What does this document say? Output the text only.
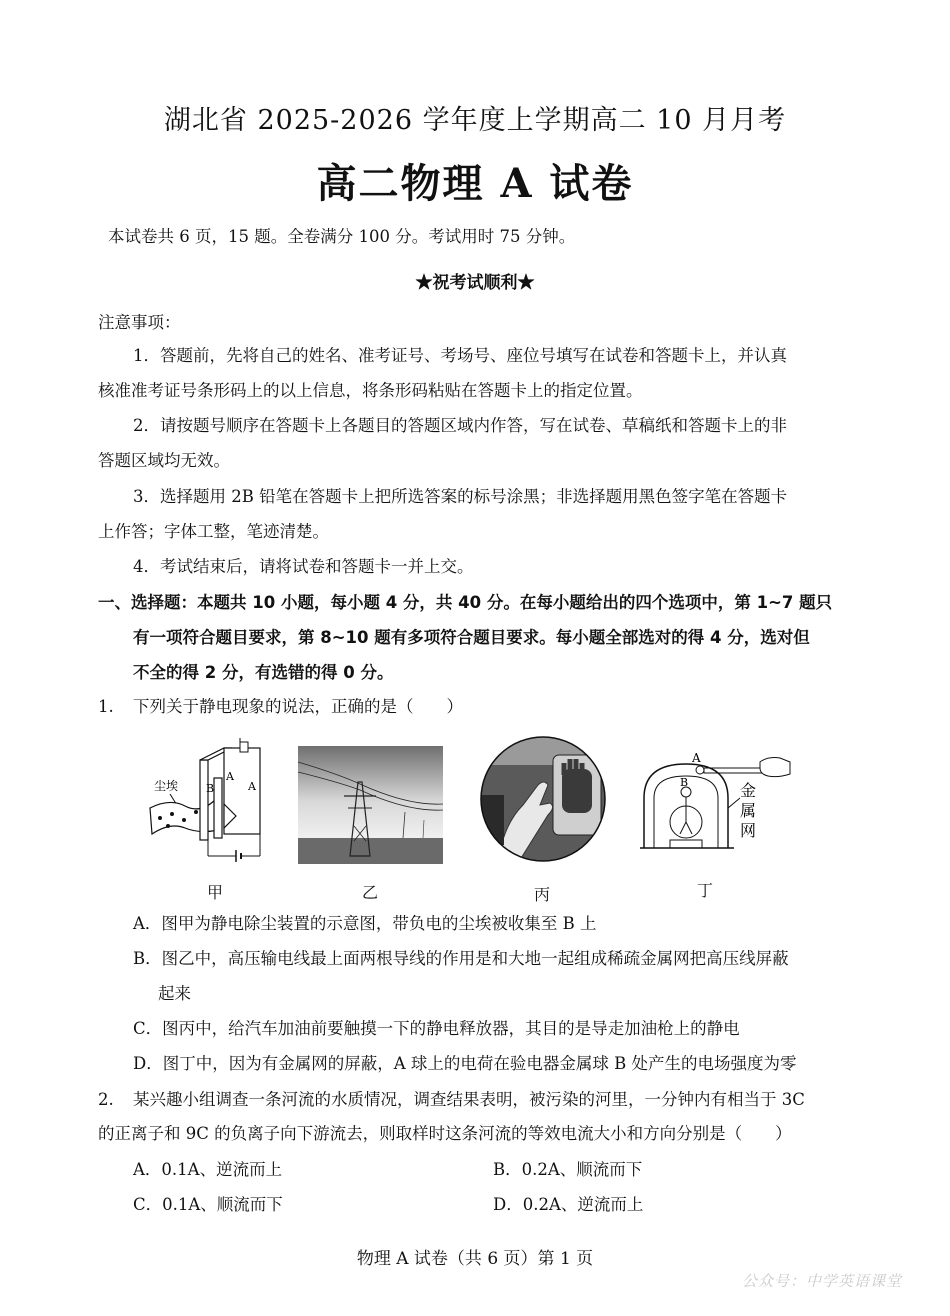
湖北省 2025-2026 学年度上学期高二 10 月月考
高二物理 A 试卷
本试卷共 6 页，15 题。全卷满分 100 分。考试用时 75 分钟。
★祝考试顺利★
注意事项：
1．答题前，先将自己的姓名、准考证号、考场号、座位号填写在试卷和答题卡上，并认真
核准准考证号条形码上的以上信息，将条形码粘贴在答题卡上的指定位置。
2．请按题号顺序在答题卡上各题目的答题区域内作答，写在试卷、草稿纸和答题卡上的非
答题区域均无效。
3．选择题用 2B 铅笔在答题卡上把所选答案的标号涂黑；非选择题用黑色签字笔在答题卡
上作答；字体工整，笔迹清楚。
4．考试结束后，请将试卷和答题卡一并上交。
一、选择题：本题共 10 小题，每小题 4 分，共 40 分。在每小题给出的四个选项中，第 1~7 题只
有一项符合题目要求，第 8~10 题有多项符合题目要求。每小题全部选对的得 4 分，选对但
不全的得 2 分，有选错的得 0 分。
1. 下列关于静电现象的说法，正确的是（　　）
尘埃
A
A
B
甲	乙	丙
A
B	金
属
网
丁
A．图甲为静电除尘装置的示意图，带负电的尘埃被收集至 B 上
B．图乙中，高压输电线最上面两根导线的作用是和大地一起组成稀疏金属网把高压线屏蔽
起来
C．图丙中，给汽车加油前要触摸一下的静电释放器，其目的是导走加油枪上的静电
D．图丁中，因为有金属网的屏蔽，A 球上的电荷在验电器金属球 B 处产生的电场强度为零
2. 某兴趣小组调查一条河流的水质情况，调查结果表明，被污染的河里，一分钟内有相当于 3C
的正离子和 9C 的负离子向下游流去，则取样时这条河流的等效电流大小和方向分别是（　　）
A．0.1A、逆流而上	B．0.2A、顺流而下
C．0.1A、顺流而下	D．0.2A、逆流而上
物理 A 试卷（共 6 页）第 1 页
公众号：中学英语课堂
